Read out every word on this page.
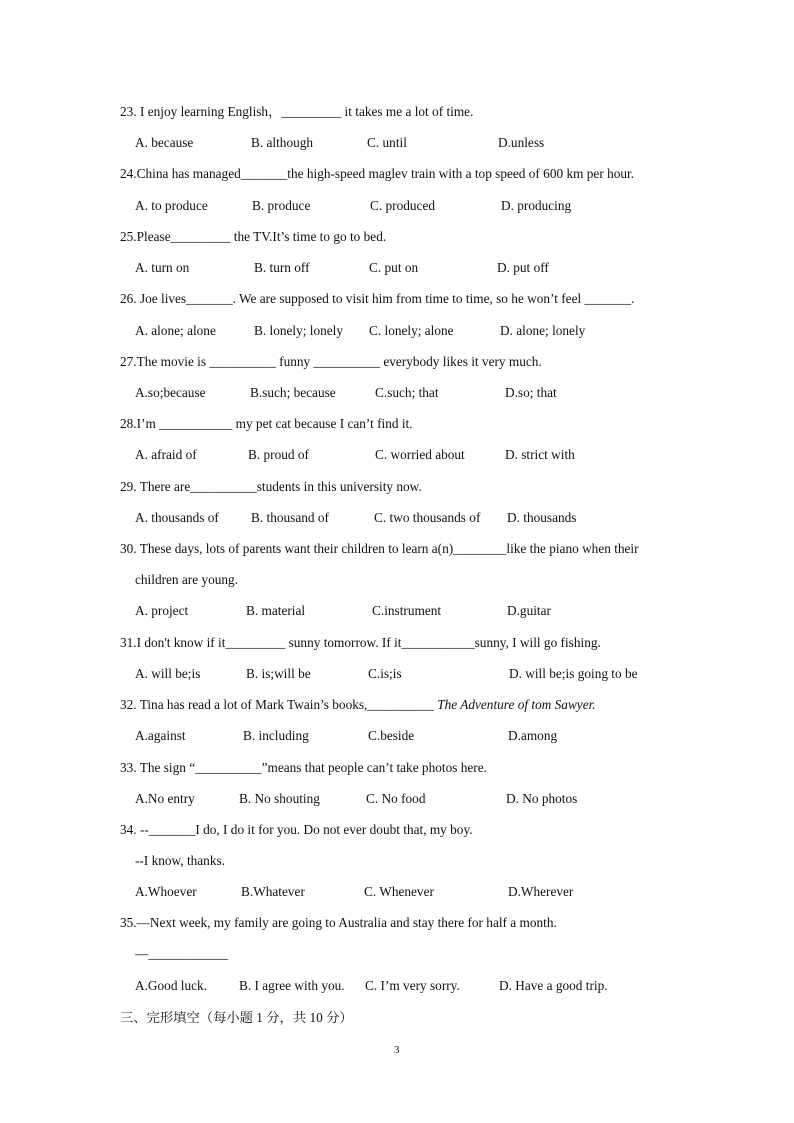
23. I enjoy learning English，_________ it takes me a lot of time.
A. because	B. although	C. until	D.unless
24.China has managed_______the high-speed maglev train with a top speed of 600 km per hour.
A. to produce	B. produce	C. produced	D. producing
25.Please_________ the TV.It’s time to go to bed.
A. turn on	B. turn off	C. put on	D. put off
26. Joe lives_______. We are supposed to visit him from time to time, so he won’t feel _______.
A. alone; alone	B. lonely; lonely C. lonely; alone	D. alone; lonely
27.The movie is __________ funny __________ everybody likes it very much.
A.so;because	B.such; because	C.such; that	D.so; that
28.I’m ___________ my pet cat because I can’t find it.
A. afraid of	B. proud of	C. worried about	D. strict with
29. There are__________students in this university now.
A. thousands of B. thousand of	C. two thousands of D. thousands
30. These days, lots of parents want their children to learn a(n)________like the piano when their
children are young.
A. project	B. material	C.instrument	D.guitar
31.I don't know if it_________ sunny tomorrow. If it___________sunny, I will go fishing.
A. will be;is	B. is;will be	C.is;is	D. will be;is going to be
32. Tina has read a lot of Mark Twain’s books,__________ The Adventure of tom Sawyer.
A.against	B. including	C.beside	D.among
33. The sign “__________”means that people can’t take photos here.
A.No entry	B. No shouting	C. No food	D. No photos
34. --_______I do, I do it for you. Do not ever doubt that, my boy.
--I know, thanks.
A.Whoever	B.Whatever	C. Whenever	D.Wherever
35.—Next week, my family are going to Australia and stay there for half a month.
—____________
A.Good luck. B. I agree with you. C. I’m very sorry.	D. Have a good trip.
三、完形填空（每小题 1 分，共 10 分）
3
